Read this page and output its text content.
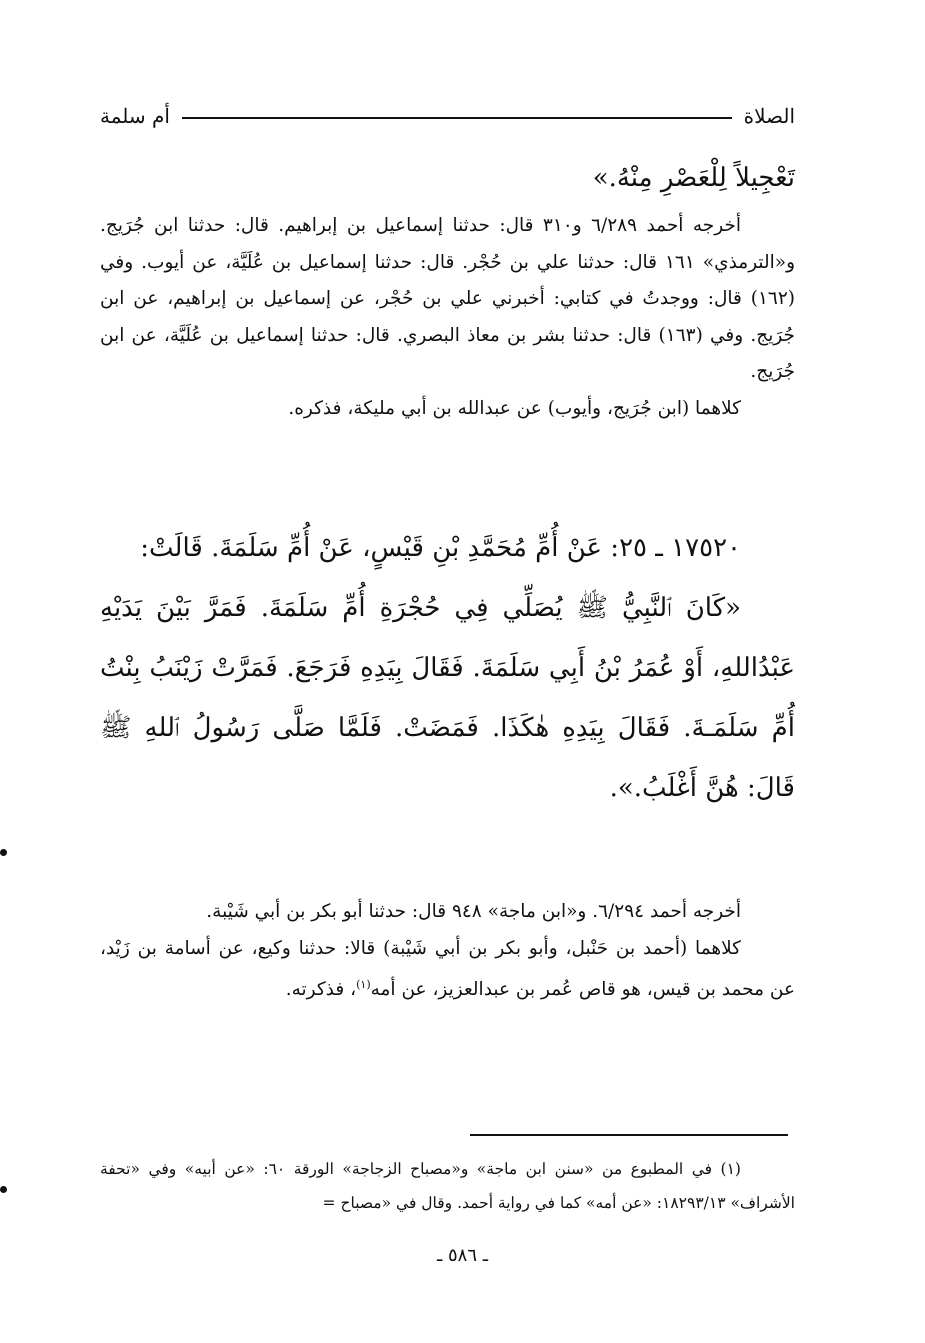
الصلاة
أم سلمة
تَعْجِيلاً لِلْعَصْرِ مِنْهُ.»
أخرجه أحمد ٦/٢٨٩ و٣١٠ قال: حدثنا إسماعيل بن إبراهيم. قال: حدثنا ابن جُرَيج. و«الترمذي» ١٦١ قال: حدثنا علي بن حُجْر. قال: حدثنا إسماعيل بن عُلَيَّة، عن أيوب. وفي (١٦٢) قال: ووجدتُ في كتابي: أخبرني علي بن حُجْر، عن إسماعيل بن إبراهيم، عن ابن جُرَيج. وفي (١٦٣) قال: حدثنا بشر بن معاذ البصري. قال: حدثنا إسماعيل بن عُلَيَّة، عن ابن جُرَيج.
كلاهما (ابن جُرَيج، وأيوب) عن عبدالله بن أبي مليكة، فذكره.
١٧٥٢٠ ـ ٢٥: عَنْ أُمِّ مُحَمَّدِ بْنِ قَيْسٍ، عَنْ أُمِّ سَلَمَةَ. قَالَتْ:
«كَانَ ٱلنَّبِيُّ ﷺ يُصَلِّي فِي حُجْرَةِ أُمِّ سَلَمَةَ. فَمَرَّ بَيْنَ يَدَيْهِ عَبْدُاللهِ، أَوْ عُمَرُ بْنُ أَبِي سَلَمَةَ. فَقَالَ بِيَدِهِ فَرَجَعَ. فَمَرَّتْ زَيْنَبُ بِنْتُ أُمِّ سَلَمَـةَ. فَقَالَ بِيَدِهِ هٰكَذَا. فَمَضَتْ. فَلَمَّا صَلَّى رَسُولُ ٱللهِ ﷺ قَالَ: هُنَّ أَغْلَبُ.».
أخرجه أحمد ٦/٢٩٤. و«ابن ماجة» ٩٤٨ قال: حدثنا أبو بكر بن أبي شَيْبة.
كلاهما (أحمد بن حَنْبل، وأبو بكر بن أبي شَيْبة) قالا: حدثنا وكيع، عن أسامة بن زَيْد، عن محمد بن قيس، هو قاص عُمر بن عبدالعزيز، عن أمه$^{(١)}$، فذكرته.
(١) في المطبوع من «سنن ابن ماجة» و«مصباح الزجاجة» الورقة ٦٠: «عن أبيه» وفي «تحفة الأشراف» ١٨٢٩٣/١٣: «عن أمه» كما في رواية أحمد. وقال في «مصباح =
ـ ٥٨٦ ـ
